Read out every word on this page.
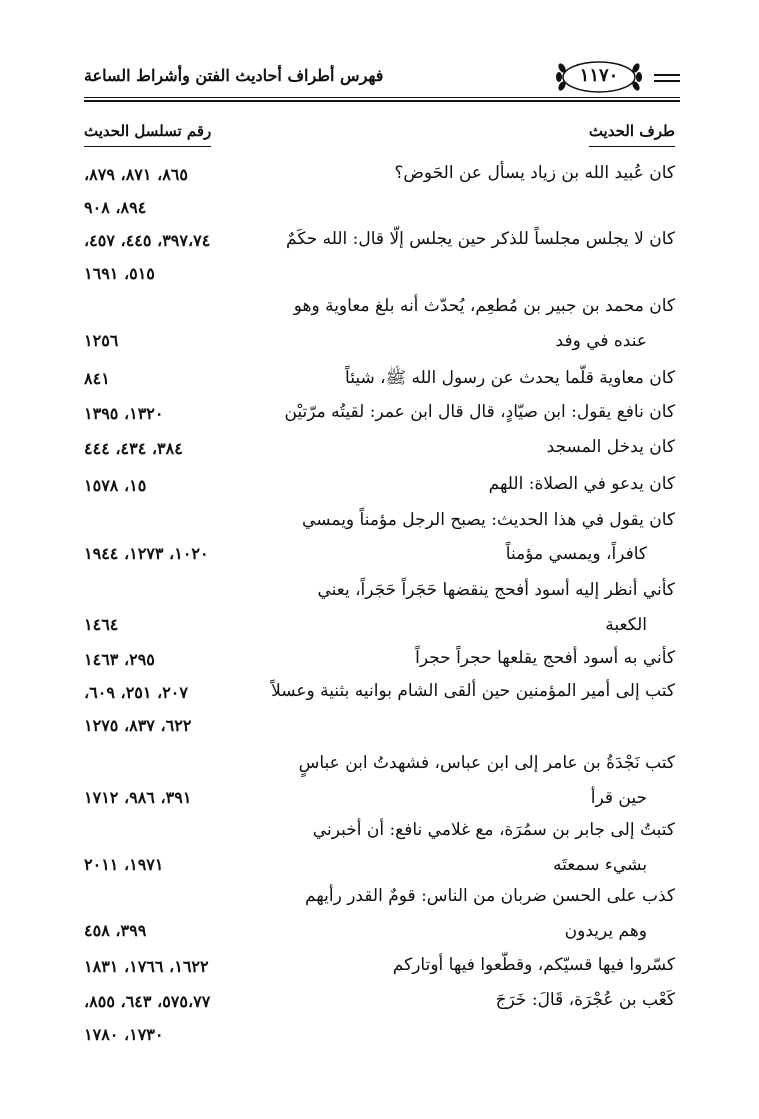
فهرس أطراف أحاديث الفتن وأشراط الساعة	١١٧٠
طرف الحديث
رقم تسلسل الحديث
كان عُبيد الله بن زياد يسأل عن الحَوض؟
٨٦٥، ٨٧١، ٨٧٩،
٨٩٤، ٩٠٨
كان لا يجلس مجلساً للذكر حين يجلس إلّا قال: الله حكَمٌ
٣٩٧،٧٤، ٤٤٥، ٤٥٧،
٥١٥، ١٦٩١
كان محمد بن جبير بن مُطعِم، يُحدّث أنه بلغ معاوية وهو
عنده في وفد
١٢٥٦
كان معاوية قلّما يحدث عن رسول الله ﷺ، شيئاً
٨٤١
كان نافع يقول: ابن صيّادٍ، قال قال ابن عمر: لقيتُه مرّتيْن
١٣٢٠، ١٣٩٥
كان يدخل المسجد
٣٨٤، ٤٣٤، ٤٤٤
كان يدعو في الصلاة: اللهم
١٥، ١٥٧٨
كان يقول في هذا الحديث: يصبح الرجل مؤمناً ويمسي
كافراً، ويمسي مؤمناً
١٠٢٠، ١٢٧٣، ١٩٤٤
كأني أنظر إليه أسود أفحج ينقضها حَجَراً حَجَراً، يعني
الكعبة
١٤٦٤
كأني به أسود أفحج يقلعها حجراً حجراً
٢٩٥، ١٤٦٣
كتب إلى أمير المؤمنين حين ألقى الشام بوانيه بثنية وعسلاً
٢٠٧، ٢٥١، ٦٠٩،
٦٢٢، ٨٣٧، ١٢٧٥
كتب نَجْدَةُ بن عامر إلى ابن عباس، فشهدتُ ابن عباسٍ
حين قرأ
٣٩١، ٩٨٦، ١٧١٢
كتبتُ إلى جابر بن سمُرَة، مع غلامي نافع: أن أخبرني
بشيء سمعتَه
١٩٧١، ٢٠١١
كذب على الحسن ضربان من الناس: قومٌ القدر رأيهم
وهم يريدون
٣٩٩، ٤٥٨
كسّروا فيها قسيّكم، وقطّعوا فيها أوتاركم
١٦٢٢، ١٧٦٦، ١٨٣١
كَعْب بن عُجْرَة، قَالَ: خَرَجَ
٥٧٥،٧٧، ٦٤٣، ٨٥٥،
١٧٣٠، ١٧٨٠
